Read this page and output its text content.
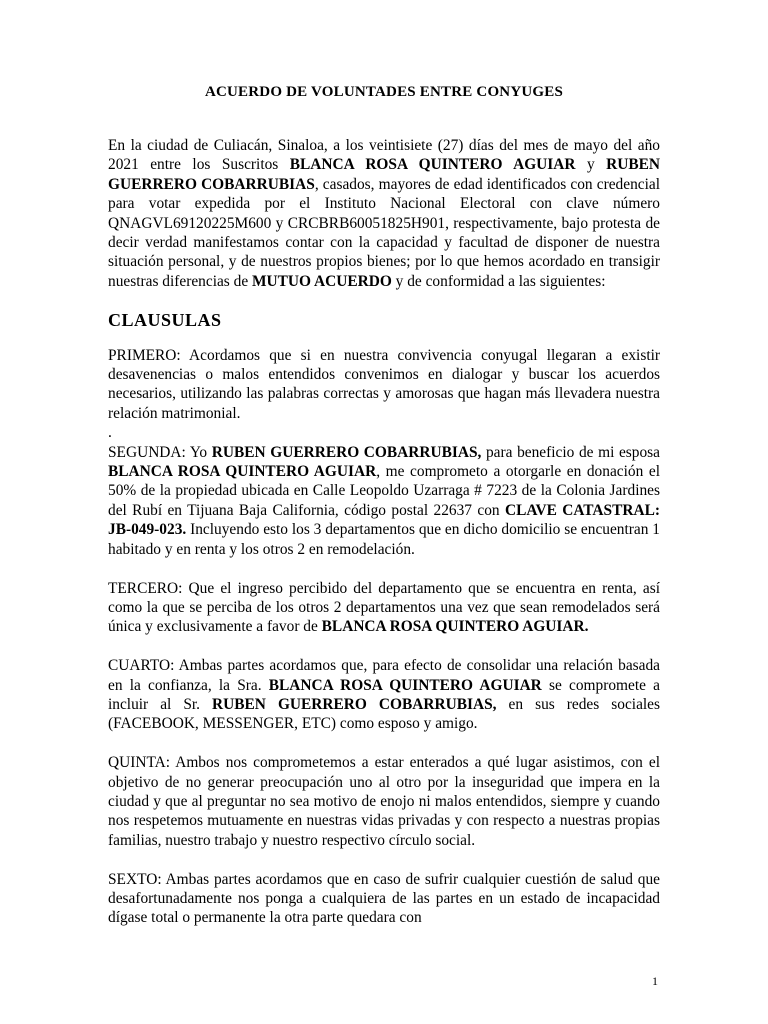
ACUERDO DE VOLUNTADES ENTRE CONYUGES

En la ciudad de Culiacán, Sinaloa, a los veintisiete (27) días del mes de mayo del año 2021 entre los Suscritos BLANCA ROSA QUINTERO AGUIAR y RUBEN GUERRERO COBARRUBIAS, casados, mayores de edad identificados con credencial para votar expedida por el Instituto Nacional Electoral con clave número QNAGVL69120225M600 y CRCBRB60051825H901, respectivamente, bajo protesta de decir verdad manifestamos contar con la capacidad y facultad de disponer de nuestra situación personal, y de nuestros propios bienes; por lo que hemos acordado en transigir nuestras diferencias de MUTUO ACUERDO y de conformidad a las siguientes:

CLAUSULAS

PRIMERO: Acordamos que si en nuestra convivencia conyugal llegaran a existir desavenencias o malos entendidos convenimos en dialogar y buscar los acuerdos necesarios, utilizando las palabras correctas y amorosas que hagan más llevadera nuestra relación matrimonial.

.

SEGUNDA: Yo RUBEN GUERRERO COBARRUBIAS, para beneficio de mi esposa BLANCA ROSA QUINTERO AGUIAR, me comprometo a otorgarle en donación el 50% de la propiedad ubicada en Calle Leopoldo Uzarraga # 7223 de la Colonia Jardines del Rubí en Tijuana Baja California, código postal 22637 con CLAVE CATASTRAL: JB-049-023. Incluyendo esto los 3 departamentos que en dicho domicilio se encuentran 1 habitado y en renta y los otros 2 en remodelación.

TERCERO: Que el ingreso percibido del departamento que se encuentra en renta, así como la que se perciba de los otros 2 departamentos una vez que sean remodelados será única y exclusivamente a favor de BLANCA ROSA QUINTERO AGUIAR.

CUARTO: Ambas partes acordamos que, para efecto de consolidar una relación basada en la confianza, la Sra. BLANCA ROSA QUINTERO AGUIAR se compromete a incluir al Sr. RUBEN GUERRERO COBARRUBIAS, en sus redes sociales (FACEBOOK, MESSENGER, ETC) como esposo y amigo.

QUINTA: Ambos nos comprometemos a estar enterados a qué lugar asistimos, con el objetivo de no generar preocupación uno al otro por la inseguridad que impera en la ciudad y que al preguntar no sea motivo de enojo ni malos entendidos, siempre y cuando nos respetemos mutuamente en nuestras vidas privadas y con respecto a nuestras propias familias, nuestro trabajo y nuestro respectivo círculo social.

SEXTO: Ambas partes acordamos que en caso de sufrir cualquier cuestión de salud que desafortunadamente nos ponga a cualquiera de las partes en un estado de incapacidad dígase total o permanente la otra parte quedara con

1
